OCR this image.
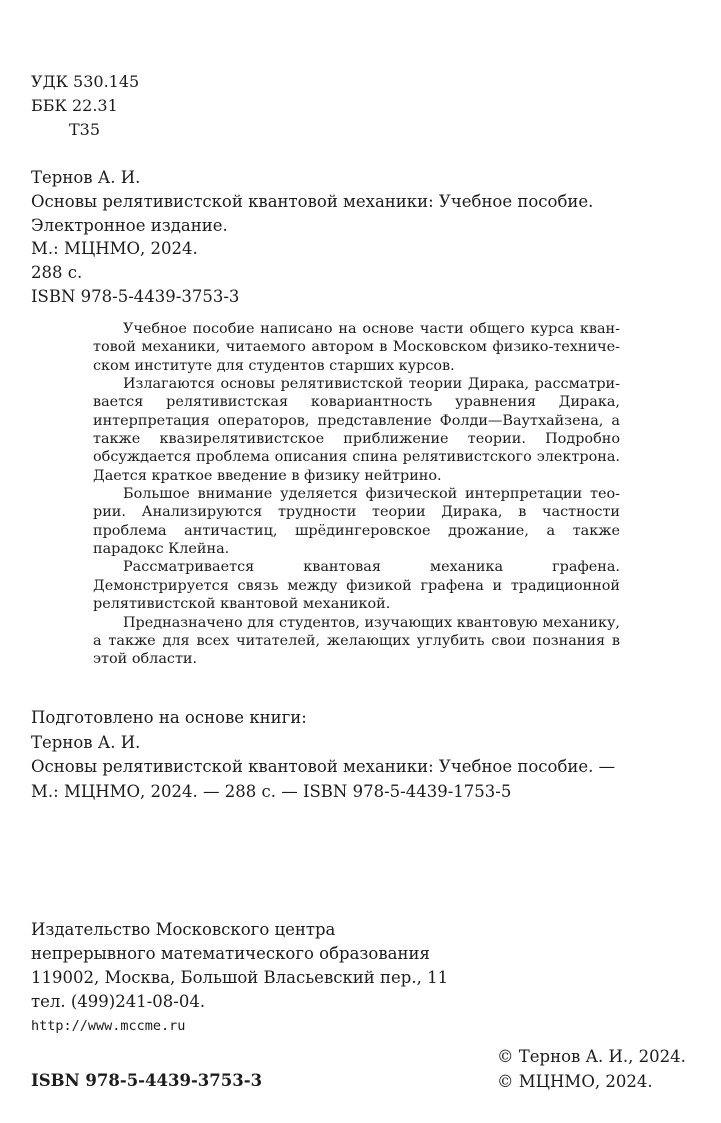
УДК 530.145
ББК 22.31
Т35
Тернов А. И.
Основы релятивистской квантовой механики: Учебное пособие.
Электронное издание.
М.: МЦНМО, 2024.
288 с.
ISBN 978-5-4439-3753-3

Учебное пособие написано на основе части общего курса квантовой механики, читаемого автором в Московском физико-техническом институте для студентов старших курсов.

Излагаются основы релятивистской теории Дирака, рассматривается релятивистская ковариантность уравнения Дирака, интерпретация операторов, представление Фолди—Ваутхайзена, а также квазирелятивистское приближение теории. Подробно обсуждается проблема описания спина релятивистского электрона. Дается краткое введение в физику нейтрино.

Большое внимание уделяется физической интерпретации теории. Анализируются трудности теории Дирака, в частности проблема античастиц, шрёдингеровское дрожание, а также парадокс Клейна.

Рассматривается квантовая механика графена. Демонстрируется связь между физикой графена и традиционной релятивистской квантовой механикой.

Предназначено для студентов, изучающих квантовую механику, а также для всех читателей, желающих углубить свои познания в этой области.

Подготовлено на основе книги:
Тернов А. И.
Основы релятивистской квантовой механики: Учебное пособие. —
М.: МЦНМО, 2024. — 288 с. — ISBN 978-5-4439-1753-5
Издательство Московского центра
непрерывного математического образования
119002, Москва, Большой Власьевский пер., 11
тел. (499)241-08-04.
http://www.mccme.ru
ISBN 978-5-4439-3753-3
© Тернов А. И., 2024.
© МЦНМО, 2024.
